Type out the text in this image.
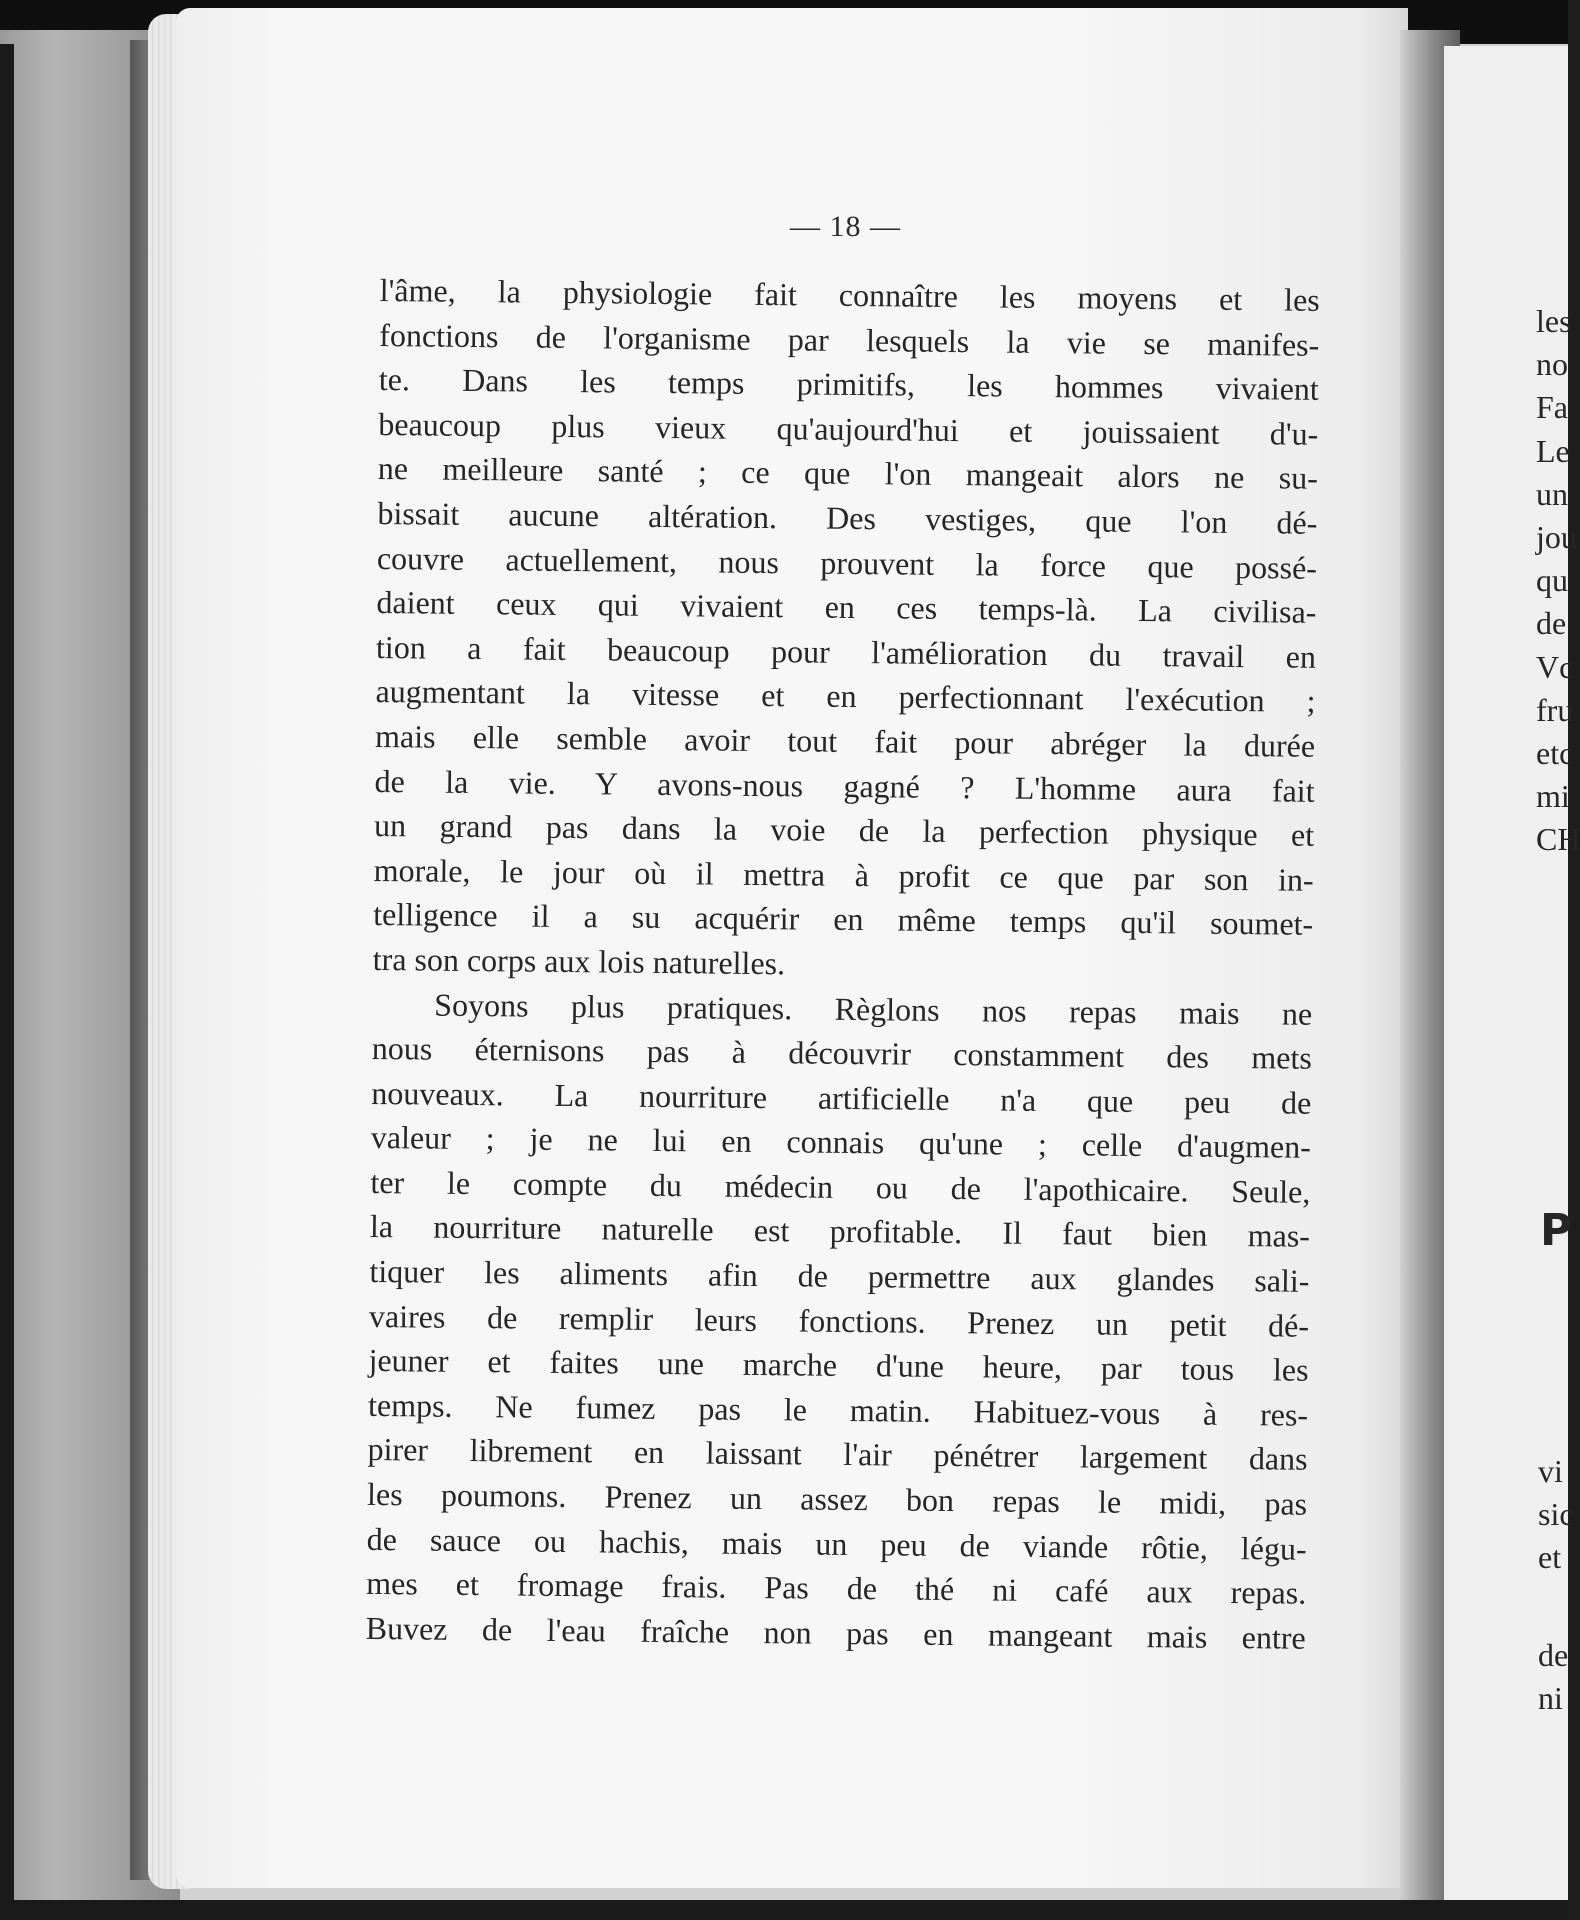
— 18 —
l'âme, la physiologie fait connaître les moyens et les
fonctions de l'organisme par lesquels la vie se manifes-
te. Dans les temps primitifs, les hommes vivaient
beaucoup plus vieux qu'aujourd'hui et jouissaient d'u-
ne meilleure santé ; ce que l'on mangeait alors ne su-
bissait aucune altération. Des vestiges, que l'on dé-
couvre actuellement, nous prouvent la force que possé-
daient ceux qui vivaient en ces temps-là. La civilisa-
tion a fait beaucoup pour l'amélioration du travail en
augmentant la vitesse et en perfectionnant l'exécution ;
mais elle semble avoir tout fait pour abréger la durée
de la vie. Y avons-nous gagné ? L'homme aura fait
un grand pas dans la voie de la perfection physique et
morale, le jour où il mettra à profit ce que par son in-
telligence il a su acquérir en même temps qu'il soumet-
tra son corps aux lois naturelles.
Soyons plus pratiques. Règlons nos repas mais ne
nous éternisons pas à découvrir constamment des mets
nouveaux. La nourriture artificielle n'a que peu de
valeur ; je ne lui en connais qu'une ; celle d'augmen-
ter le compte du médecin ou de l'apothicaire. Seule,
la nourriture naturelle est profitable. Il faut bien mas-
tiquer les aliments afin de permettre aux glandes sali-
vaires de remplir leurs fonctions. Prenez un petit dé-
jeuner et faites une marche d'une heure, par tous les
temps. Ne fumez pas le matin. Habituez-vous à res-
pirer librement en laissant l'air pénétrer largement dans
les poumons. Prenez un assez bon repas le midi, pas
de sauce ou hachis, mais un peu de viande rôtie, légu-
mes et fromage frais. Pas de thé ni café aux repas.
Buvez de l'eau fraîche non pas en mangeant mais entre
les
no
Fa
Le
un
jou
qu
de
Vc
fru
etc
mi
CH
P
vi
sic
et
de
ni
